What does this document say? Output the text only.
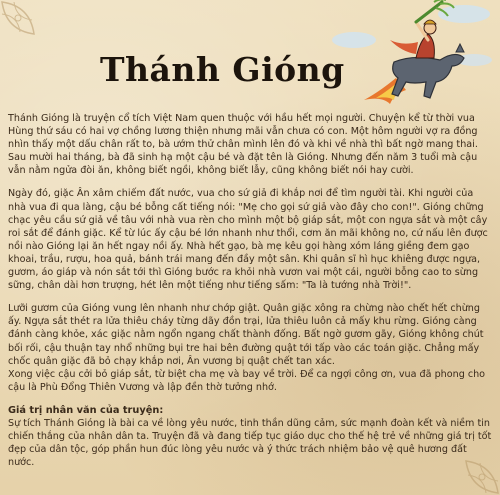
Thánh Gióng

Thánh Gióng là truyện cổ tích Việt Nam quen thuộc với hầu hết mọi người. Chuyện kể từ thời vua Hùng thứ sáu có hai vợ chồng lương thiện nhưng mãi vẫn chưa có con. Một hôm người vợ ra đồng nhìn thấy một dấu chân rất to, bà ướm thử chân mình lên đó và khi về nhà thì bất ngờ mang thai. Sau mười hai tháng, bà đã sinh hạ một cậu bé và đặt tên là Gióng. Nhưng đến năm 3 tuổi mà cậu vẫn nằm ngửa đòi ăn, không biết ngồi, không biết lẫy, cũng không biết nói hay cười.

Ngày đó, giặc Ân xâm chiếm đất nước, vua cho sứ giả đi khắp nơi để tìm người tài. Khi người của nhà vua đi qua làng, cậu bé bỗng cất tiếng nói: "Mẹ cho gọi sứ giả vào đây cho con!". Gióng chững chạc yêu cầu sứ giả về tâu với nhà vua rèn cho mình một bộ giáp sắt, một con ngựa sắt và một cây roi sắt để đánh giặc. Kể từ lúc ấy cậu bé lớn nhanh như thổi, cơm ăn mãi không no, cứ nấu lên được nồi nào Gióng lại ăn hết ngay nồi ấy. Nhà hết gạo, bà mẹ kêu gọi hàng xóm láng giềng đem gạo khoai, trầu, rượu, hoa quả, bánh trái mang đến đầy một sân. Khi quân sĩ hì hục khiêng được ngựa, gươm, áo giáp và nón sắt tới thì Gióng bước ra khỏi nhà vươn vai một cái, người bỗng cao to sừng sững, chân dài hơn trượng, hét lên một tiếng như tiếng sấm: "Ta là tướng nhà Trời!".

Lưỡi gươm của Gióng vung lên nhanh như chớp giật. Quân giặc xông ra chừng nào chết hết chừng ấy. Ngựa sắt thét ra lửa thiêu cháy từng dãy đồn trại, lửa thiêu luôn cả mấy khu rừng. Gióng càng đánh càng khỏe, xác giặc nằm ngổn ngang chất thành đống. Bất ngờ gươm gãy, Gióng không chút bối rối, cậu thuận tay nhổ những bụi tre hai bên đường quật tới tấp vào các toán giặc. Chẳng mấy chốc quân giặc đã bỏ chạy khắp nơi, Ân vương bị quật chết tan xác.

Xong việc cậu cởi bỏ giáp sắt, từ biệt cha mẹ và bay về trời. Để ca ngợi công ơn, vua đã phong cho cậu là Phù Đổng Thiên Vương và lập đền thờ tưởng nhớ.

Giá trị nhân văn của truyện:

Sự tích Thánh Gióng là bài ca về lòng yêu nước, tinh thần dũng cảm, sức mạnh đoàn kết và niềm tin chiến thắng của nhân dân ta. Truyện đã và đang tiếp tục giáo dục cho thế hệ trẻ về những giá trị tốt đẹp của dân tộc, góp phần hun đúc lòng yêu nước và ý thức trách nhiệm bảo vệ quê hương đất nước.
